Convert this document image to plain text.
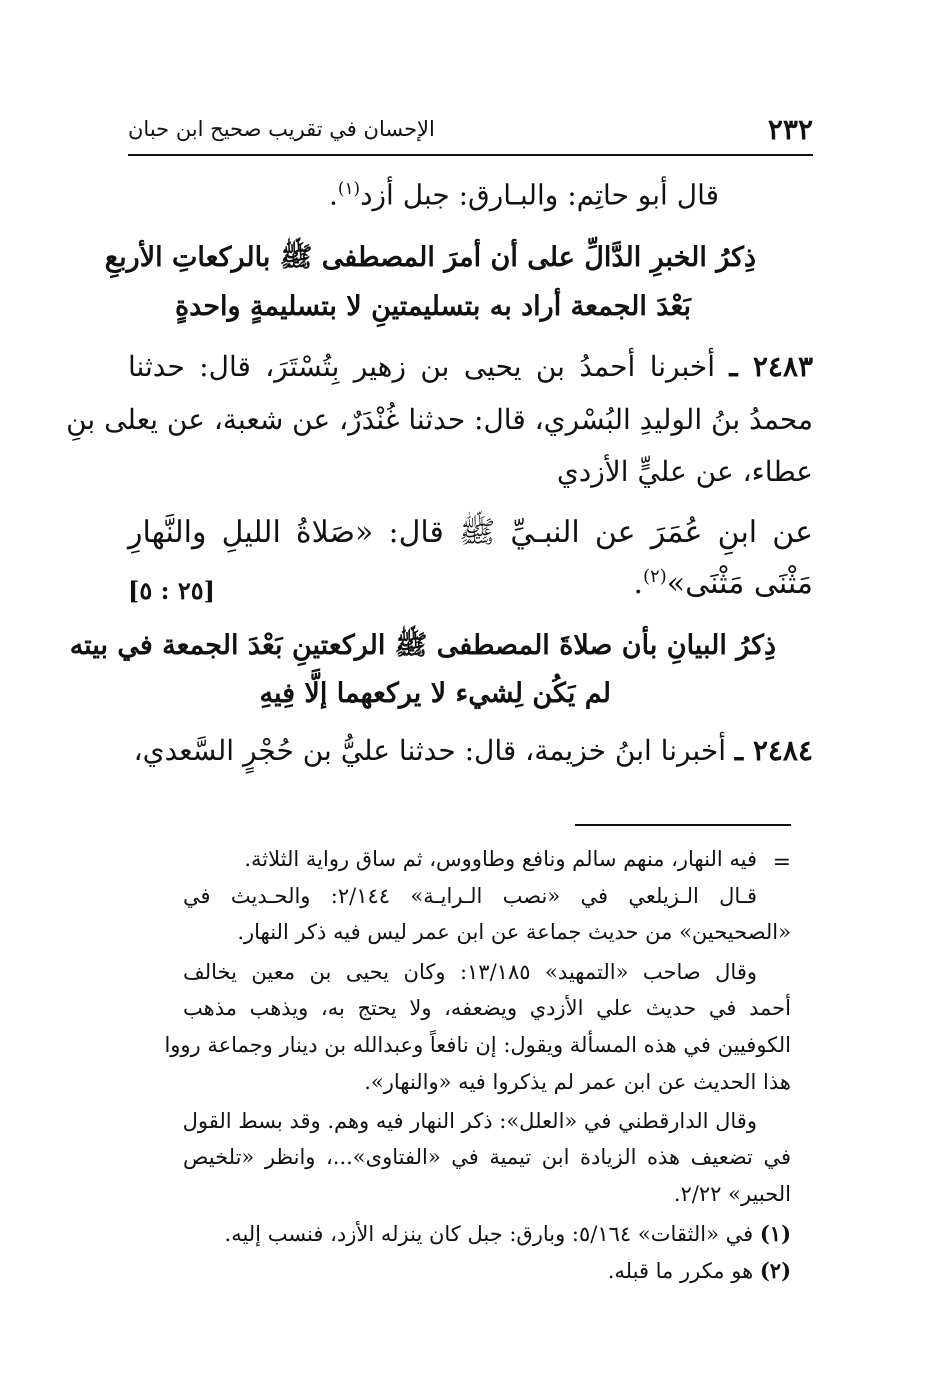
٢٣٢
الإحسان في تقريب صحيح ابن حبان
قال أبو حاتِم: والبـارق: جبل أزد$^{(١)}$.
ذِكرُ الخبرِ الدَّالِّ على أن أمرَ المصطفى ﷺ بالركعاتِ الأربعِ
بَعْدَ الجمعة أراد به بتسليمتينِ لا بتسليمةٍ واحدةٍ
٢٤٨٣ ـ أخبرنا أحمدُ بن يحيى بن زهير بِتُسْتَرَ، قال: حدثنا
محمدُ بنُ الوليدِ البُسْري، قال: حدثنا غُنْدَرٌ، عن شعبة، عن يعلى بنِ
عطاء، عن عليٍّ الأزدي
عن ابنِ عُمَرَ عن النبـيِّ ﷺ قال: «صَلاةُ الليلِ والنَّهارِ
مَثْنَى مَثْنَى»$^{(٢)}$.
[٢٥ : ٥]
ذِكرُ البيانِ بأن صلاةَ المصطفى ﷺ الركعتينِ بَعْدَ الجمعة في بيته
لم يَكُن لِشيء لا يركعهما إلَّا فِيهِ
٢٤٨٤ ـ أخبرنا ابنُ خزيمة، قال: حدثنا عليُّ بن حُجْرٍ السَّعدي،
=
فيه النهار، منهم سالم ونافع وطاووس، ثم ساق رواية الثلاثة.
قـال الـزيلعي في «نصب الـرايـة» ٢/١٤٤: والحـديث في
«الصحيحين» من حديث جماعة عن ابن عمر ليس فيه ذكر النهار.
وقال صاحب «التمهيد» ١٣/١٨٥: وكان يحيى بن معين يخالف
أحمد في حديث علي الأزدي ويضعفه، ولا يحتج به، ويذهب مذهب
الكوفيين في هذه المسألة ويقول: إن نافعاً وعبدالله بن دينار وجماعة رووا
هذا الحديث عن ابن عمر لم يذكروا فيه «والنهار».
وقال الدارقطني في «العلل»: ذكر النهار فيه وهم. وقد بسط القول
في تضعيف هذه الزيادة ابن تيمية في «الفتاوى»...، وانظر «تلخيص
الحبير» ٢/٢٢.
(١) في «الثقات» ٥/١٦٤: وبارق: جبل كان ينزله الأزد، فنسب إليه.
(٢) هو مكرر ما قبله.
